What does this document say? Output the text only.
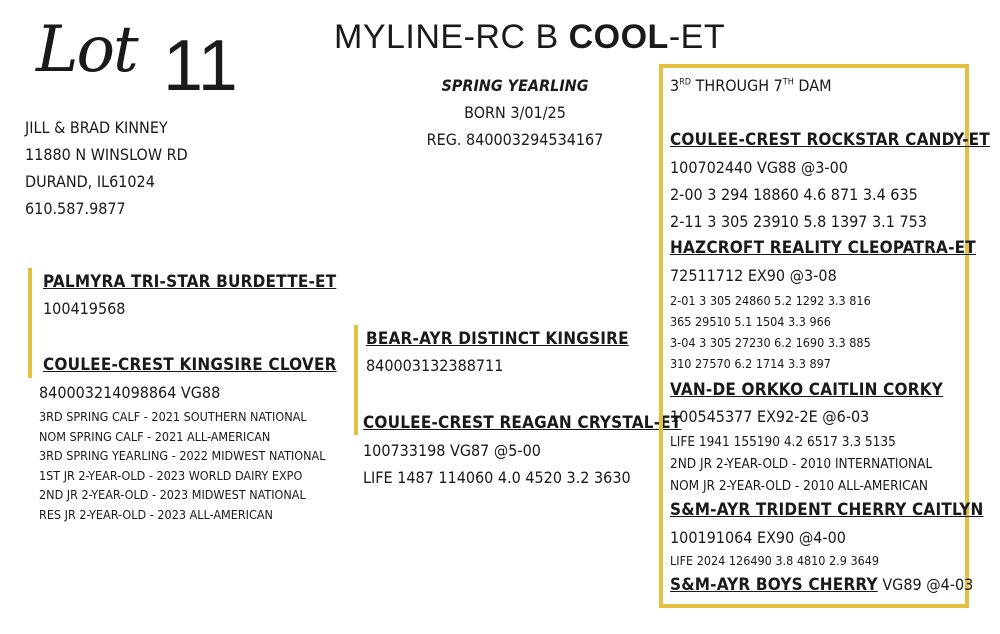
Lot 11	MYLINE-RC B COOL-ET
JILL & BRAD KINNEY
11880 N WINSLOW RD
DURAND, IL61024
610.587.9877
SPRING YEARLING
BORN 3/01/25
REG. 840003294534167
PALMYRA TRI-STAR BURDETTE-ET
100419568
COULEE-CREST KINGSIRE CLOVER
840003214098864 VG88
3RD SPRING CALF - 2021 SOUTHERN NATIONAL
NOM SPRING CALF - 2021 ALL-AMERICAN
3RD SPRING YEARLING - 2022 MIDWEST NATIONAL
1ST JR 2-YEAR-OLD - 2023 WORLD DAIRY EXPO
2ND JR 2-YEAR-OLD - 2023 MIDWEST NATIONAL
RES JR 2-YEAR-OLD - 2023 ALL-AMERICAN
BEAR-AYR DISTINCT KINGSIRE
840003132388711
COULEE-CREST REAGAN CRYSTAL-ET
100733198 VG87 @5-00
LIFE 1487 114060 4.0 4520 3.2 3630
3RD THROUGH 7TH DAM
COULEE-CREST ROCKSTAR CANDY-ET
100702440 VG88 @3-00
2-00 3 294 18860 4.6 871 3.4 635
2-11 3 305 23910 5.8 1397 3.1 753
HAZCROFT REALITY CLEOPATRA-ET
72511712 EX90 @3-08
2-01 3 305 24860 5.2 1292 3.3 816
365 29510 5.1 1504 3.3 966
3-04 3 305 27230 6.2 1690 3.3 885
310 27570 6.2 1714 3.3 897
VAN-DE ORKKO CAITLIN CORKY
100545377 EX92-2E @6-03
LIFE 1941 155190 4.2 6517 3.3 5135
2ND JR 2-YEAR-OLD - 2010 INTERNATIONAL
NOM JR 2-YEAR-OLD - 2010 ALL-AMERICAN
S&M-AYR TRIDENT CHERRY CAITLYN
100191064 EX90 @4-00
LIFE 2024 126490 3.8 4810 2.9 3649
S&M-AYR BOYS CHERRY VG89 @4-03
